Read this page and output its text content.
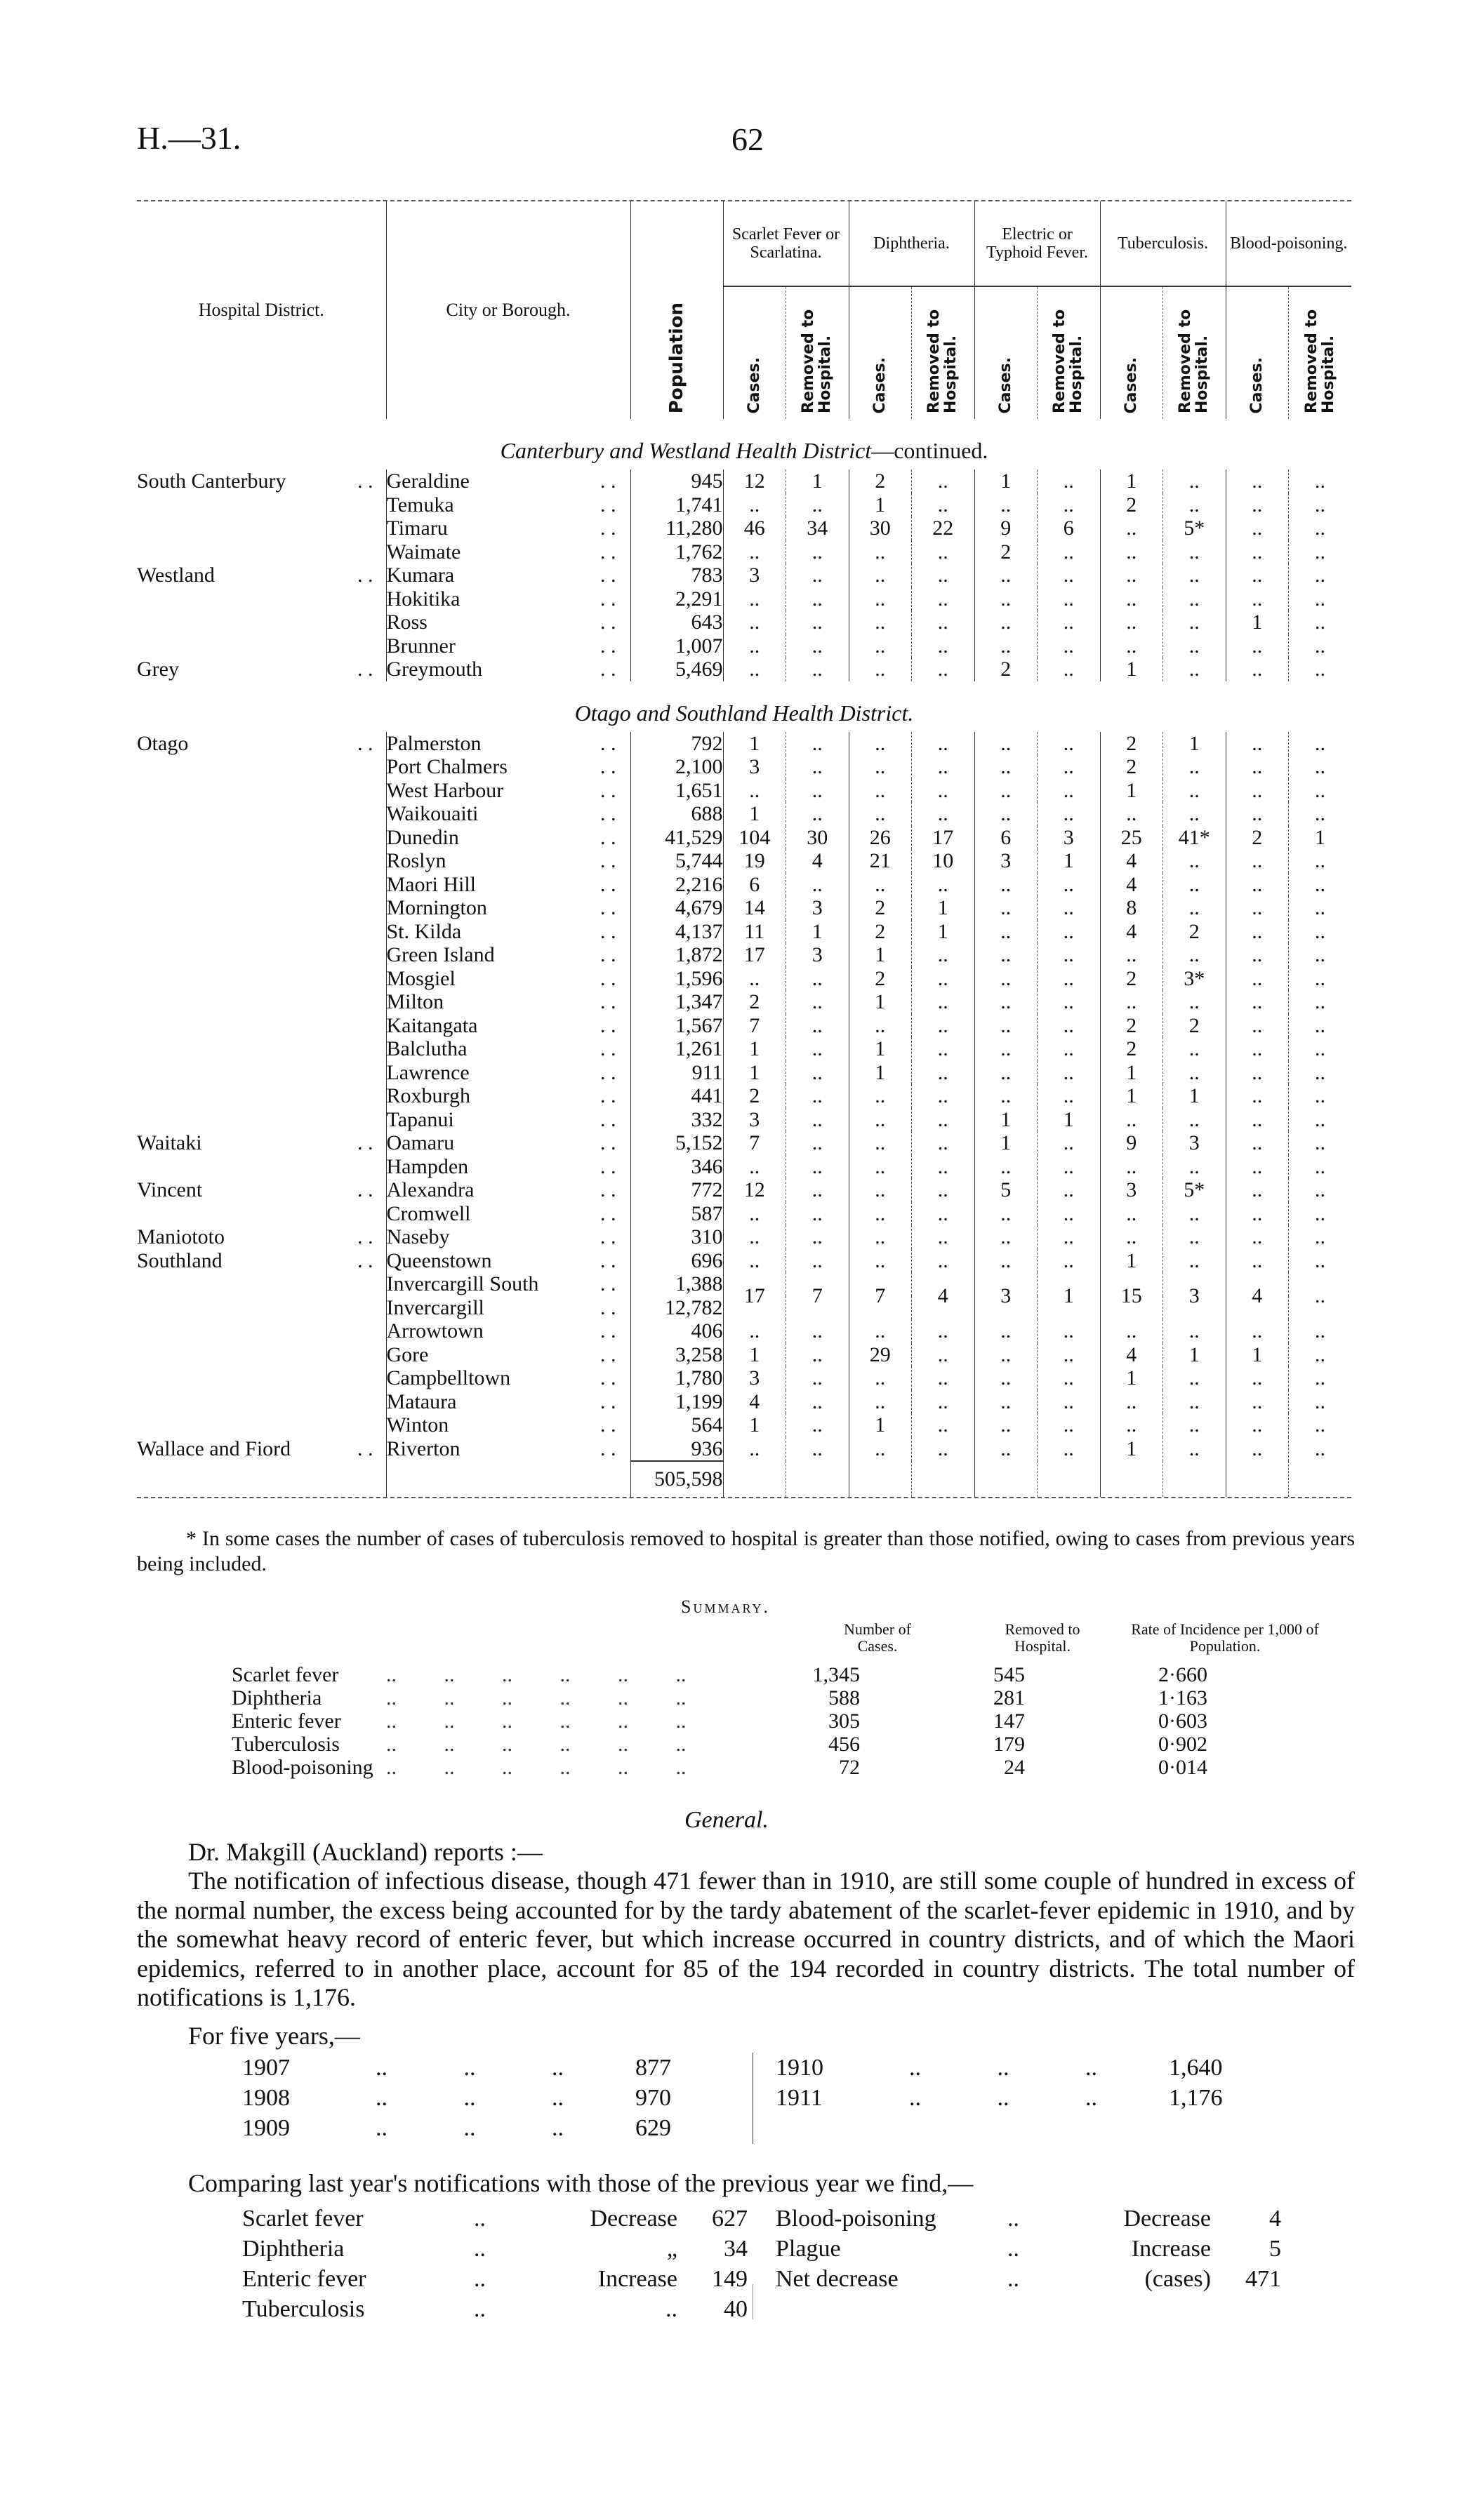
H.—31.	62
Hospital District.	City or Borough.	Population	Scarlet Fever or Scarlatina.		Diphtheria.		Electric or Typhoid Fever.		Tuberculosis.		Blood-poisoning.	
			Cases.	Removed to Hospital.	Cases.	Removed to Hospital.	Cases.	Removed to Hospital.	Cases.	Removed to Hospital.	Cases.	Removed to Hospital.
Canterbury and Westland Health District—continued.												
South Canterbury . .	Geraldine . .	945	12	1	2	..	1	..	1	..	..	..
	Temuka . .	1,741	..	..	1	..	..	..	2	..	..	..
	Timaru . .	11,280	46	34	30	22	9	6	..	5*	..	..
	Waimate . .	1,762	..	..	..	..	2	..	..	..	..	..
Westland . .	Kumara . .	783	3	..	..	..	..	..	..	..	..	..
	Hokitika . .	2,291	..	..	..	..	..	..	..	..	..	..
	Ross . .	643	..	..	..	..	..	..	..	..	1	..
	Brunner . .	1,007	..	..	..	..	..	..	..	..	..	..
Grey . .	Greymouth . .	5,469	..	..	..	..	2	..	1	..	..	..
Otago and Southland Health District.												
Otago . .	Palmerston . .	792	1	..	..	..	..	..	2	1	..	..
	Port Chalmers . .	2,100	3	..	..	..	..	..	2	..	..	..
	West Harbour . .	1,651	..	..	..	..	..	..	1	..	..	..
	Waikouaiti . .	688	1	..	..	..	..	..	..	..	..	..
	Dunedin . .	41,529	104	30	26	17	6	3	25	41*	2	1
	Roslyn . .	5,744	19	4	21	10	3	1	4	..	..	..
	Maori Hill . .	2,216	6	..	..	..	..	..	4	..	..	..
	Mornington . .	4,679	14	3	2	1	..	..	8	..	..	..
	St. Kilda . .	4,137	11	1	2	1	..	..	4	2	..	..
	Green Island . .	1,872	17	3	1	..	..	..	..	..	..	..
	Mosgiel . .	1,596	..	..	2	..	..	..	2	3*	..	..
	Milton . .	1,347	2	..	1	..	..	..	..	..	..	..
	Kaitangata . .	1,567	7	..	..	..	..	..	2	2	..	..
	Balclutha . .	1,261	1	..	1	..	..	..	2	..	..	..
	Lawrence . .	911	1	..	1	..	..	..	1	..	..	..
	Roxburgh . .	441	2	..	..	..	..	..	1	1	..	..
	Tapanui . .	332	3	..	..	..	1	1	..	..	..	..
Waitaki . .	Oamaru . .	5,152	7	..	..	..	1	..	9	3	..	..
	Hampden . .	346	..	..	..	..	..	..	..	..	..	..
Vincent . .	Alexandra . .	772	12	..	..	..	5	..	3	5*	..	..
	Cromwell . .	587	..	..	..	..	..	..	..	..	..	..
Maniototo . .	Naseby . .	310	..	..	..	..	..	..	..	..	..	..
Southland . .	Queenstown . .	696	..	..	..	..	..	..	1	..	..	..
	Invercargill South . .	1,388	17	7	7	4	3	1	15	3	4	..
	Invercargill . .	12,782										
	Arrowtown . .	406	..	..	..	..	..	..	..	..	..	..
	Gore . .	3,258	1	..	29	..	..	..	4	1	1	..
	Campbelltown . .	1,780	3	..	..	..	..	..	1	..	..	..
	Mataura . .	1,199	4	..	..	..	..	..	..	..	..	..
	Winton . .	564	1	..	1	..	..	..	..	..	..	..
Wallace and Fiord . .	Riverton . .	936	..	..	..	..	..	..	1	..	..	..
		505,598										
* In some cases the number of cases of tuberculosis removed to hospital is greater than those notified, owing to cases from previous years being included.
Summary.
Number of Cases.
Removed to Hospital.
Rate of Incidence per 1,000 of Population.
Scarlet fever .. .. .. .. .. ..	1,345	545	2·660
Diphtheria	.. .. .. .. .. ..	588	281	1·163
Enteric fever .. .. .. .. .. ..	305	147	0·603
Tuberculosis .. .. .. .. .. ..	456	179	0·902
Blood-poisoning .. .. .. .. .. ..	72	24	0·014
General.
Dr. Makgill (Auckland) reports :—
The notification of infectious disease, though 471 fewer than in 1910, are still some couple of hundred in excess of the normal number, the excess being accounted for by the tardy abatement of the scarlet-fever epidemic in 1910, and by the somewhat heavy record of enteric fever, but which increase occurred in country districts, and of which the Maori epidemics, referred to in another place, account for 85 of the 194 recorded in country districts. The total number of notifications is 1,176.
For five years,—
1907	.. .. ..	877
1908	.. .. ..	970
1909	.. .. ..	629
1910	.. .. ..	1,640
1911	.. .. ..	1,176
Comparing last year's notifications with those of the previous year we find,—
Scarlet fever	..	Decrease 627
Diphtheria	..	„ 34
Enteric fever	..	Increase 149
Tuberculosis	..	.. 40
Blood-poisoning	..	Decrease 4
Plague	..	Increase 5
Net decrease	..	(cases) 471
